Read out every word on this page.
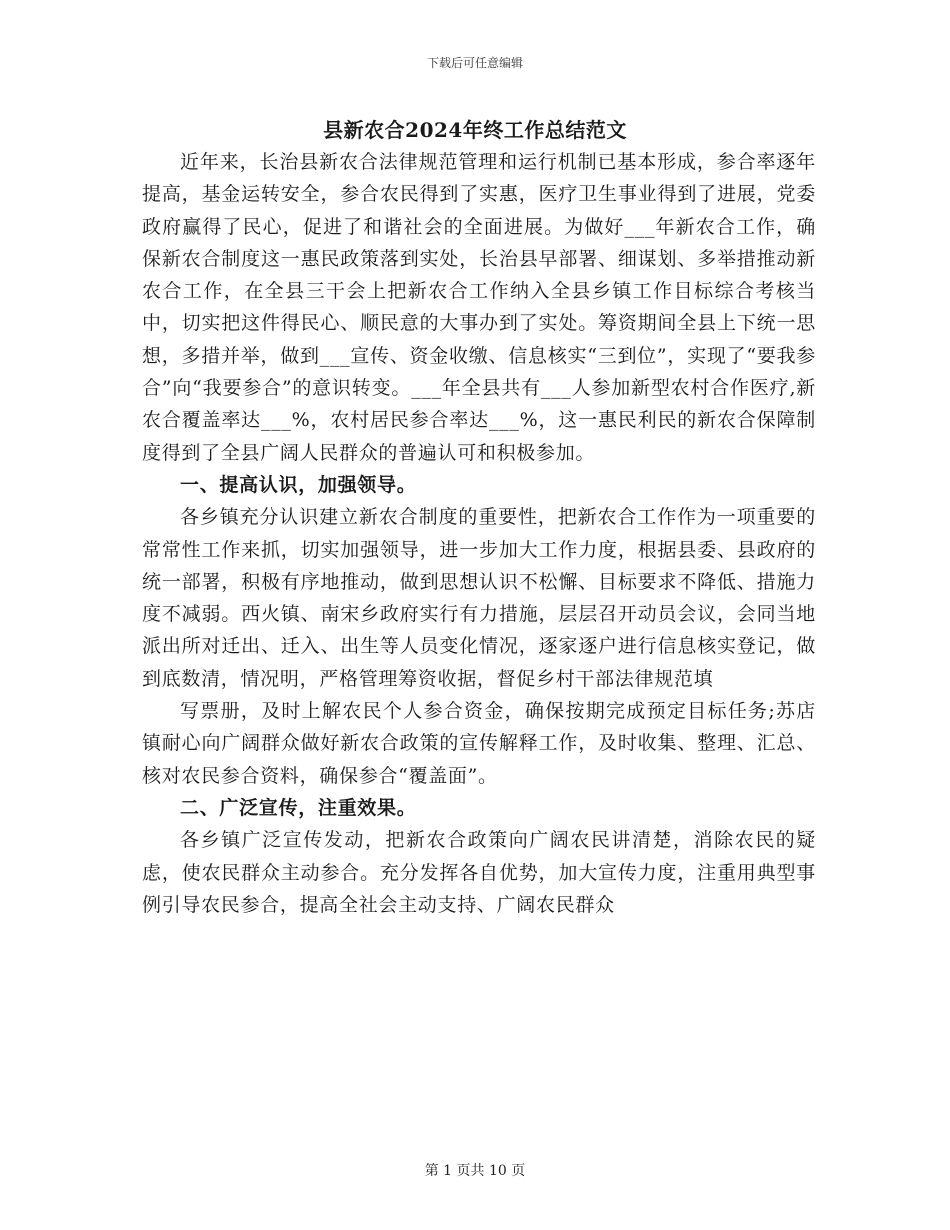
下载后可任意编辑
县新农合2024年终工作总结范文

近年来，长治县新农合法律规范管理和运行机制已基本形成，参合率逐年提高，基金运转安全，参合农民得到了实惠，医疗卫生事业得到了进展，党委政府赢得了民心，促进了和谐社会的全面进展。为做好___年新农合工作，确保新农合制度这一惠民政策落到实处，长治县早部署、细谋划、多举措推动新农合工作，在全县三干会上把新农合工作纳入全县乡镇工作目标综合考核当中，切实把这件得民心、顺民意的大事办到了实处。筹资期间全县上下统一思想，多措并举，做到___宣传、资金收缴、信息核实“三到位”，实现了“要我参合”向“我要参合”的意识转变。___年全县共有___人参加新型农村合作医疗,新农合覆盖率达___%，农村居民参合率达___%，这一惠民利民的新农合保障制度得到了全县广阔人民群众的普遍认可和积极参加。

一、提高认识，加强领导。

各乡镇充分认识建立新农合制度的重要性，把新农合工作作为一项重要的常常性工作来抓，切实加强领导，进一步加大工作力度，根据县委、县政府的统一部署，积极有序地推动，做到思想认识不松懈、目标要求不降低、措施力度不减弱。西火镇、南宋乡政府实行有力措施，层层召开动员会议，会同当地派出所对迁出、迁入、出生等人员变化情况，逐家逐户进行信息核实登记，做到底数清，情况明，严格管理筹资收据，督促乡村干部法律规范填

写票册，及时上解农民个人参合资金，确保按期完成预定目标任务;苏店镇耐心向广阔群众做好新农合政策的宣传解释工作，及时收集、整理、汇总、核对农民参合资料，确保参合“覆盖面”。

二、广泛宣传，注重效果。

各乡镇广泛宣传发动，把新农合政策向广阔农民讲清楚，消除农民的疑虑，使农民群众主动参合。充分发挥各自优势，加大宣传力度，注重用典型事例引导农民参合，提高全社会主动支持、广阔农民群众

第 1 页共 10 页
